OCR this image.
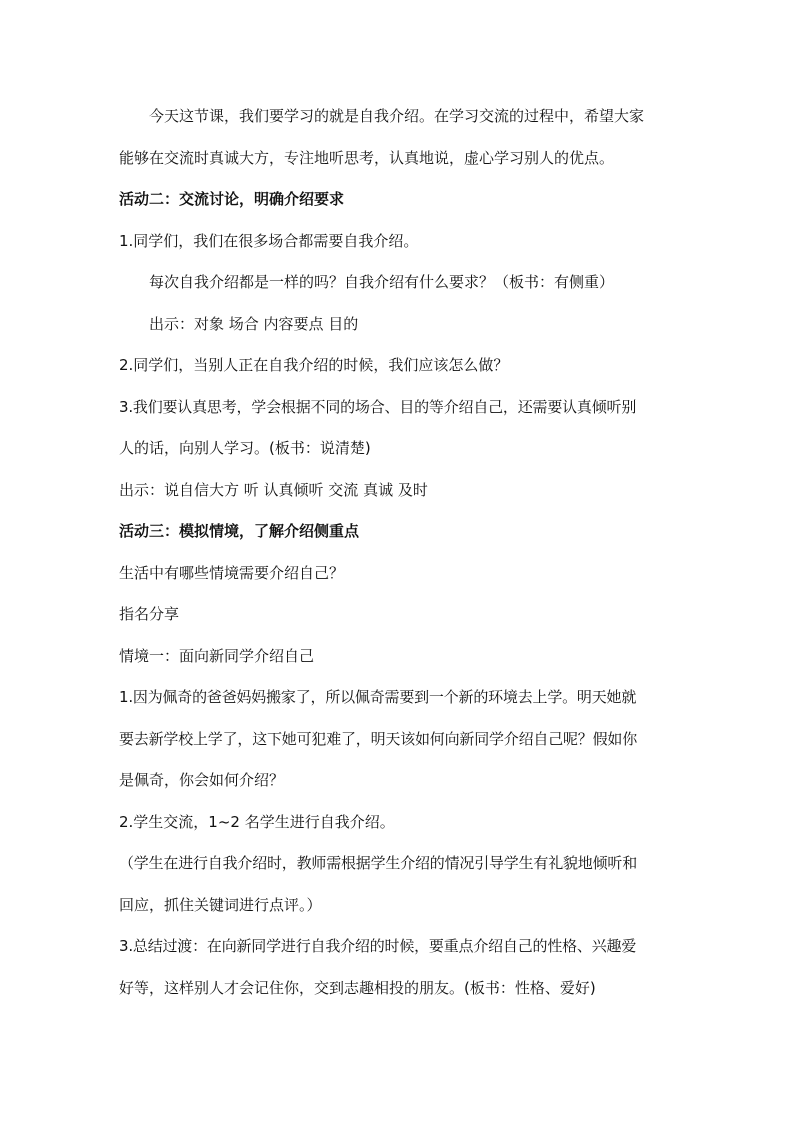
今天这节课，我们要学习的就是自我介绍。在学习交流的过程中，希望大家
能够在交流时真诚大方，专注地听思考，认真地说，虚心学习别人的优点。
活动二：交流讨论，明确介绍要求
1.同学们，我们在很多场合都需要自我介绍。
每次自我介绍都是一样的吗？自我介绍有什么要求？（板书：有侧重）
出示：对象 场合 内容要点 目的
2.同学们，当别人正在自我介绍的时候，我们应该怎么做？
3.我们要认真思考，学会根据不同的场合、目的等介绍自己，还需要认真倾听别
人的话，向别人学习。(板书：说清楚)
出示：说自信大方 听 认真倾听 交流 真诚 及时
活动三：模拟情境，了解介绍侧重点
生活中有哪些情境需要介绍自己？
指名分享
情境一：面向新同学介绍自己
1.因为佩奇的爸爸妈妈搬家了，所以佩奇需要到一个新的环境去上学。明天她就
要去新学校上学了，这下她可犯难了，明天该如何向新同学介绍自己呢？假如你
是佩奇，你会如何介绍？
2.学生交流，1~2 名学生进行自我介绍。
（学生在进行自我介绍时，教师需根据学生介绍的情况引导学生有礼貌地倾听和
回应，抓住关键词进行点评。）
3.总结过渡：在向新同学进行自我介绍的时候，要重点介绍自己的性格、兴趣爱
好等，这样别人才会记住你，交到志趣相投的朋友。(板书：性格、爱好)
